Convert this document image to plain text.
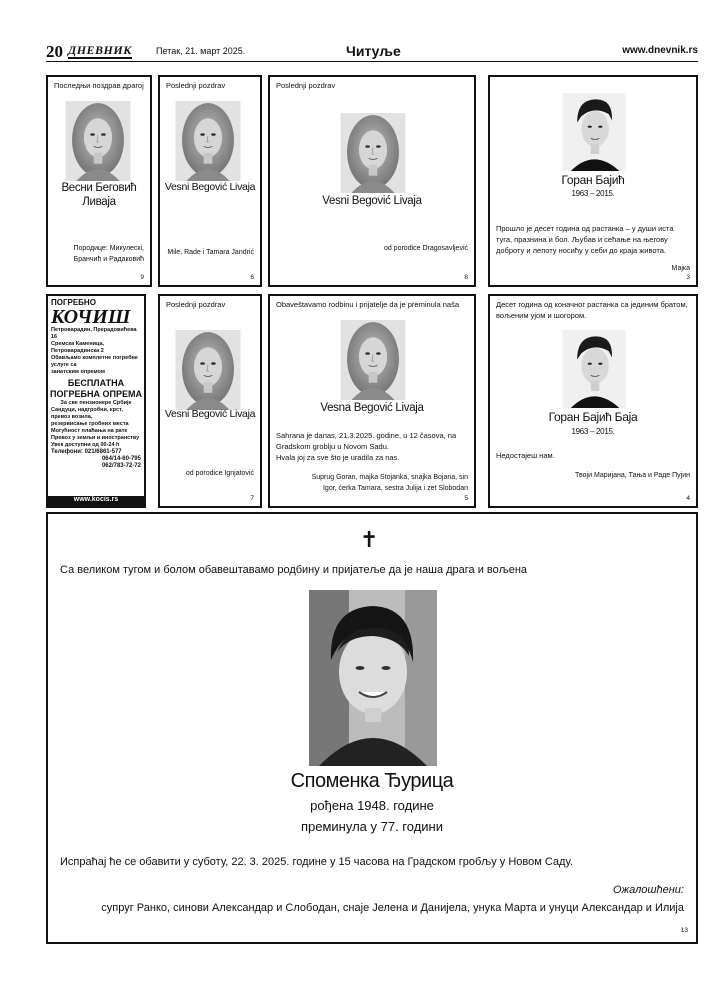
20 ДНЕВНИК	Петак, 21. март 2025.	Читуље	www.dnevnik.rs
Последњи поздрав драгој
Весни Беговић Ливаја
Породице: Микулескi, Бранчић и Радаковић
9
Poslednji pozdrav
Vesni Begović Livaja
Mile, Rade i Tamara Jandrić
6
Poslednji pozdrav
Vesni Begović Livaja
od porodice Dragosavljević
8
Горан Бајић
1963 – 2015.
Прошло је десет година од растанка – у души иста туга, празнина и бол. Љубав и сећање на његову доброту и лепоту носићу у себи до краја живота.
Мајка
3
ПОГРЕБНО
КОЧИШ
Петроварадин, Прерадовићева 16
Сремска Каменица, Петроварадинска 2
Обављамо комплетне погребне услуге са
занатским опремом
БЕСПЛАТНА
ПОГРЕБНА ОПРЕМА
За све пензионере Србије
Сандуци, надгробни, крст,
превоз возила,
резервисање гробних места
Могућност плаћања на рате
Превоз у земљи и иностранству
Увек доступни од 00-24 h
Телефони: 021/6861-577
064/14-60-795
062/783-72-72
www.kocis.rs
Poslednji pozdrav
Vesni Begović Livaja
od porodice Ignjatović
7
Obaveštavamo rodbinu i prijatelje da je preminula naša
Vesna Begović Livaja
Sahrana je danas, 21.3.2025. godine, u 12 časova, na Gradskom groblju u Novom Sadu.
Hvala joj za sve što je uradila za nas.
Suprug Goran, majka Stojanka, snajka Bojana, sin Igor, ćerka Tamara, sestra Julija i zet Slobodan
5
Десет година од коначног растанка са јединим братом, вољеним ујом и шогором.
Горан Бајић Баја
1963 – 2015.
Недостајеш нам.
Твоји Маријана, Тања и Раде Пујин
4
✝
Са великом тугом и болом обавештавамо родбину и пријатеље да је наша драга и вољена
Споменка Ђурица
рођена 1948. године
преминула у 77. години
Испраћај ће се обавити у суботу, 22. 3. 2025. године у 15 часова на Градском гробљу у Новом Саду.
Ожалошћени:
супруг Ранко, синови Александар и Слободан, снаје Јелена и Данијела, унука Марта и унуци Александар и Илија
13
